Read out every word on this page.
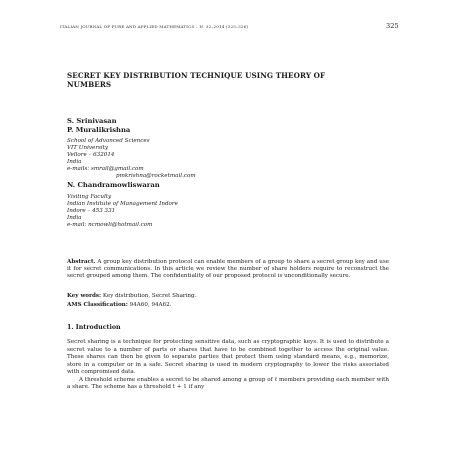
ITALIAN JOURNAL OF PURE AND APPLIED MATHEMATICS – N. 32–2014 (325–326)	325
SECRET KEY DISTRIBUTION TECHNIQUE USING THEORY OF NUMBERS
S. Srinivasan
P. Muralikrishna
School of Advanced Sciences
VIT University
Vellore – 632014
India
e-mails: smrail@gmail.com
pmkrishna@rocketmail.com
N. Chandramowliswaran
Visiting Faculty
Indian Institute of Management Indore
Indore – 453 331
India
e-mail: ncmowli@hotmail.com
Abstract. A group key distribution protocol can enable members of a group to share a secret group key and use it for secret communications. In this article we review the number of share holders require to reconstruct the secret grouped among them. The confidentiality of our proposed protocol is unconditionally secure.
Key words: Key distribution, Secret Sharing.
AMS Classification: 94A60, 94A62.
1. Introduction

Secret sharing is a technique for protecting sensitive data, such as cryptographic keys. It is used to distribute a secret value to a number of parts or shares that have to be combined together to access the original value. These shares can then be given to separate parties that protect them using standard means, e.g., memorize, store in a computer or in a safe. Secret sharing is used in modern cryptography to lower the risks associated with compromised data.

A threshold scheme enables a secret to be shared among a group of ℓ members providing each member with a share. The scheme has a threshold t + 1 if any
